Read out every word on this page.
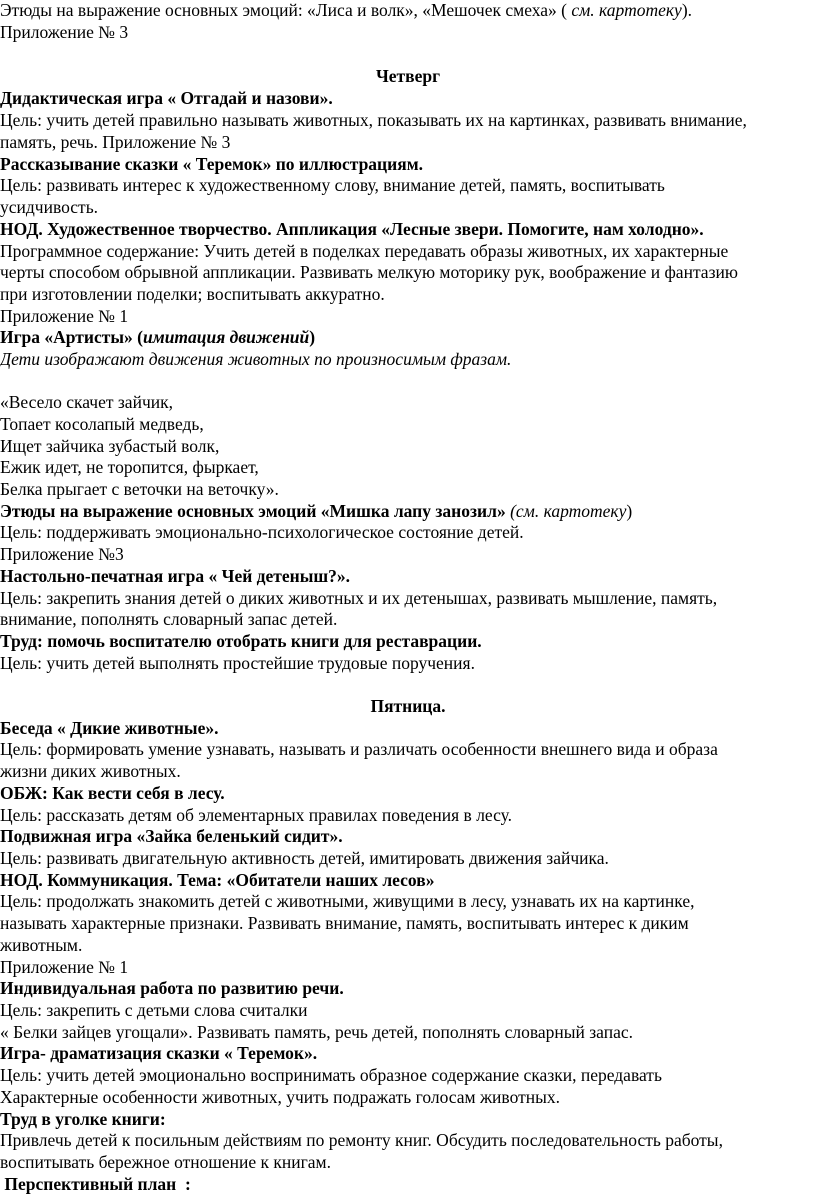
Этюды на выражение основных эмоций: «Лиса и волк», «Мешочек смеха» ( см. картотеку).
Приложение № 3
Четверг
Дидактическая игра « Отгадай и назови».
Цель: учить детей правильно называть животных, показывать их на картинках, развивать внимание,
память, речь. Приложение № 3
Рассказывание сказки « Теремок» по иллюстрациям.
Цель: развивать интерес к художественному слову, внимание детей, память, воспитывать
усидчивость.
НОД. Художественное творчество. Аппликация «Лесные звери. Помогите, нам холодно».
Программное содержание: Учить детей в поделках передавать образы животных, их характерные
черты способом обрывной аппликации. Развивать мелкую моторику рук, воображение и фантазию
при изготовлении поделки; воспитывать аккуратно.
Приложение № 1
Игра «Артисты» (имитация движений)
Дети изображают движения животных по произносимым фразам.
«Весело скачет зайчик,
Топает косолапый медведь,
Ищет зайчика зубастый волк,
Ежик идет, не торопится, фыркает,
Белка прыгает с веточки на веточку».
Этюды на выражение основных эмоций «Мишка лапу занозил» (см. картотеку)
Цель: поддерживать эмоционально-психологическое состояние детей.
Приложение №3
Настольно-печатная игра « Чей детеныш?».
Цель: закрепить знания детей о диких животных и их детенышах, развивать мышление, память,
внимание, пополнять словарный запас детей.
Труд: помочь воспитателю отобрать книги для реставрации.
Цель: учить детей выполнять простейшие трудовые поручения.
Пятница.
Беседа « Дикие животные».
Цель: формировать умение узнавать, называть и различать особенности внешнего вида и образа
жизни диких животных.
ОБЖ: Как вести себя в лесу.
Цель: рассказать детям об элементарных правилах поведения в лесу.
Подвижная игра «Зайка беленький сидит».
Цель: развивать двигательную активность детей, имитировать движения зайчика.
НОД. Коммуникация. Тема: «Обитатели наших лесов»
Цель: продолжать знакомить детей с животными, живущими в лесу, узнавать их на картинке,
называть характерные признаки. Развивать внимание, память, воспитывать интерес к диким
животным.
Приложение № 1
Индивидуальная работа по развитию речи.
Цель: закрепить с детьми слова считалки
« Белки зайцев угощали». Развивать память, речь детей, пополнять словарный запас.
Игра- драматизация сказки « Теремок».
Цель: учить детей эмоционально воспринимать образное содержание сказки, передавать
Характерные особенности животных, учить подражать голосам животных.
Труд в уголке книги:
Привлечь детей к посильным действиям по ремонту книг. Обсудить последовательность работы,
воспитывать бережное отношение к книгам.
Перспективный план  :
